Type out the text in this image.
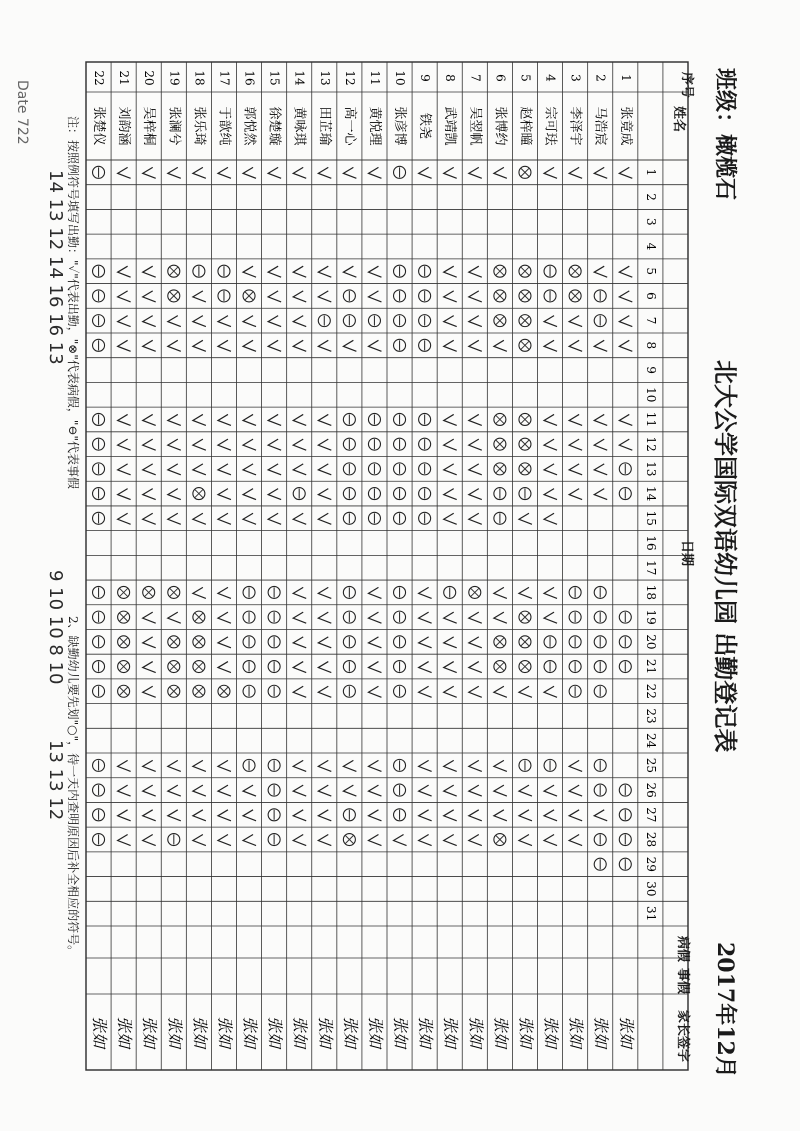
1
2
3
4
5
6
7
8
9
10
11
12
13
14
15
16
17
18
19
20
21
22
23
24
25
26
27
28
29
30
31
1
张竟成
张如
2
马浩宸
张如
3
李泽宇
张如
4
宗可珐
张如
5
赵梓曈
张如
6
张博约
张如
7
吴翌帆
张如
8
武靖凯
张如
9
铁尧
张如
10
张彦博
张如
11
黄悦理
张如
12
高一心
张如
13
田芷瑜
张如
14
黄咏琪
张如
15
徐楚璇
张如
16
郭悦然
张如
17
于歆纯
张如
18
张乐琦
张如
19
张澜兮
张如
20
吴梓桐
张如
21
刘韵涵
张如
22
张楚仪
张如
北大公学国际双语幼儿园 出勤登记表
班级：橄榄石
2017年12月
序号
姓名
日期
病假
事假
家长签字
注：按照例符号填写出勤："✓"代表出勤，"⊗"代表病假，"⊖"代表事假
2、缺勤幼儿要先划"○"，待一天内查明原因后补全相应的符号。
14 13 12 14 16 16 13
9 10 10 8 10
13 13 12
Date 722
